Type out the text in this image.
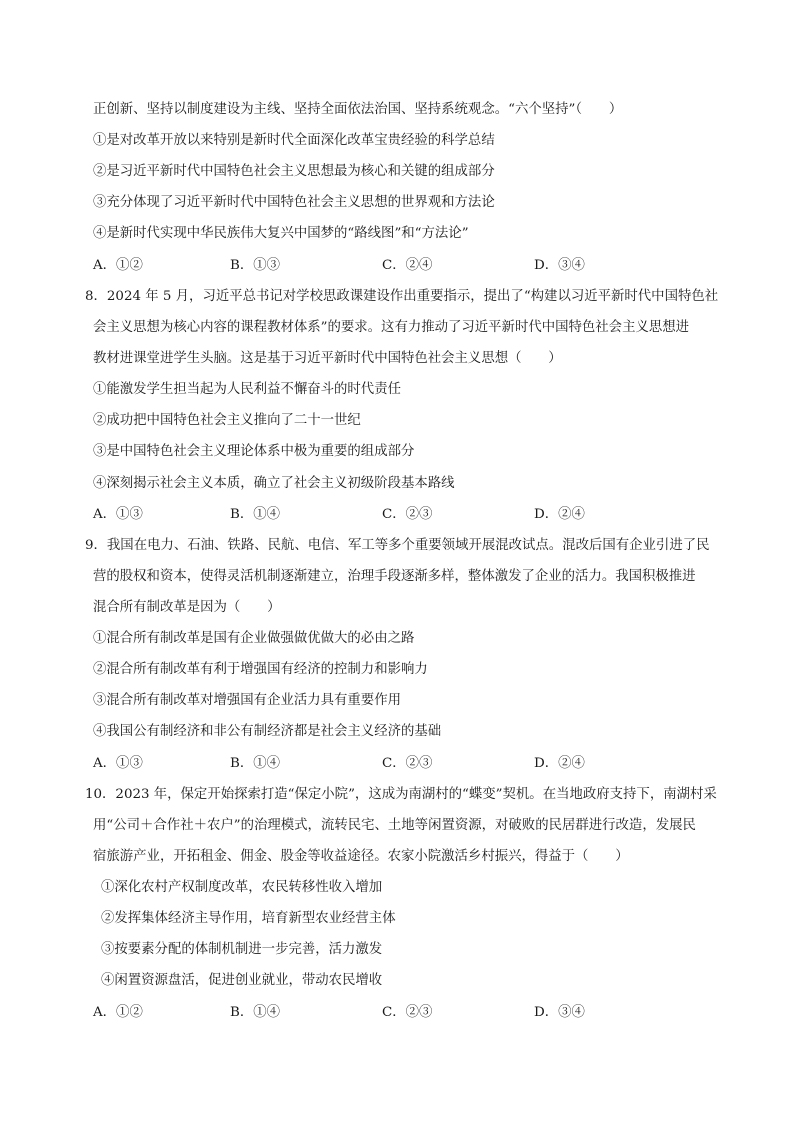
正创新、坚持以制度建设为主线、坚持全面依法治国、坚持系统观念。“六个坚持”（　　）
①是对改革开放以来特别是新时代全面深化改革宝贵经验的科学总结
②是习近平新时代中国特色社会主义思想最为核心和关键的组成部分
③充分体现了习近平新时代中国特色社会主义思想的世界观和方法论
④是新时代实现中华民族伟大复兴中国梦的“路线图”和“方法论”
A．①②	B．①③	C．②④	D．③④
8．2024 年 5 月，习近平总书记对学校思政课建设作出重要指示，提出了“构建以习近平新时代中国特色社
会主义思想为核心内容的课程教材体系”的要求。这有力推动了习近平新时代中国特色社会主义思想进
教材进课堂进学生头脑。这是基于习近平新时代中国特色社会主义思想（　　）
①能激发学生担当起为人民利益不懈奋斗的时代责任
②成功把中国特色社会主义推向了二十一世纪
③是中国特色社会主义理论体系中极为重要的组成部分
④深刻揭示社会主义本质，确立了社会主义初级阶段基本路线
A．①③	B．①④	C．②③	D．②④
9．我国在电力、石油、铁路、民航、电信、军工等多个重要领域开展混改试点。混改后国有企业引进了民
营的股权和资本，使得灵活机制逐渐建立，治理手段逐渐多样，整体激发了企业的活力。我国积极推进
混合所有制改革是因为（　　）
①混合所有制改革是国有企业做强做优做大的必由之路
②混合所有制改革有利于增强国有经济的控制力和影响力
③混合所有制改革对增强国有企业活力具有重要作用
④我国公有制经济和非公有制经济都是社会主义经济的基础
A．①③	B．①④	C．②③	D．②④
10．2023 年，保定开始探索打造“保定小院”，这成为南湖村的“蝶变”契机。在当地政府支持下，南湖村采
用“公司＋合作社＋农户”的治理模式，流转民宅、土地等闲置资源，对破败的民居群进行改造，发展民
宿旅游产业，开拓租金、佣金、股金等收益途径。农家小院激活乡村振兴，得益于（　　）
①深化农村产权制度改革，农民转移性收入增加
②发挥集体经济主导作用，培育新型农业经营主体
③按要素分配的体制机制进一步完善，活力激发
④闲置资源盘活，促进创业就业，带动农民增收
A．①②	B．①④	C．②③	D．③④
